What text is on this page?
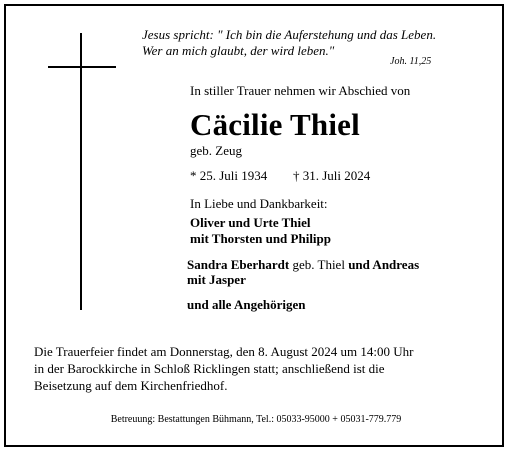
Jesus spricht: " Ich bin die Auferstehung und das Leben.
Wer an mich glaubt, der wird leben."
Joh. 11,25
In stiller Trauer nehmen wir Abschied von
Cäcilie Thiel
geb. Zeug
* 25. Juli 1934 † 31. Juli 2024
In Liebe und Dankbarkeit:
Oliver und Urte Thiel
mit Thorsten und Philipp
Sandra Eberhardt geb. Thiel und Andreas
mit Jasper
und alle Angehörigen
Die Trauerfeier findet am Donnerstag, den 8. August 2024 um 14:00 Uhr
in der Barockkirche in Schloß Ricklingen statt; anschließend ist die
Beisetzung auf dem Kirchenfriedhof.
Betreuung: Bestattungen Bühmann, Tel.: 05033-95000 + 05031-779.779
